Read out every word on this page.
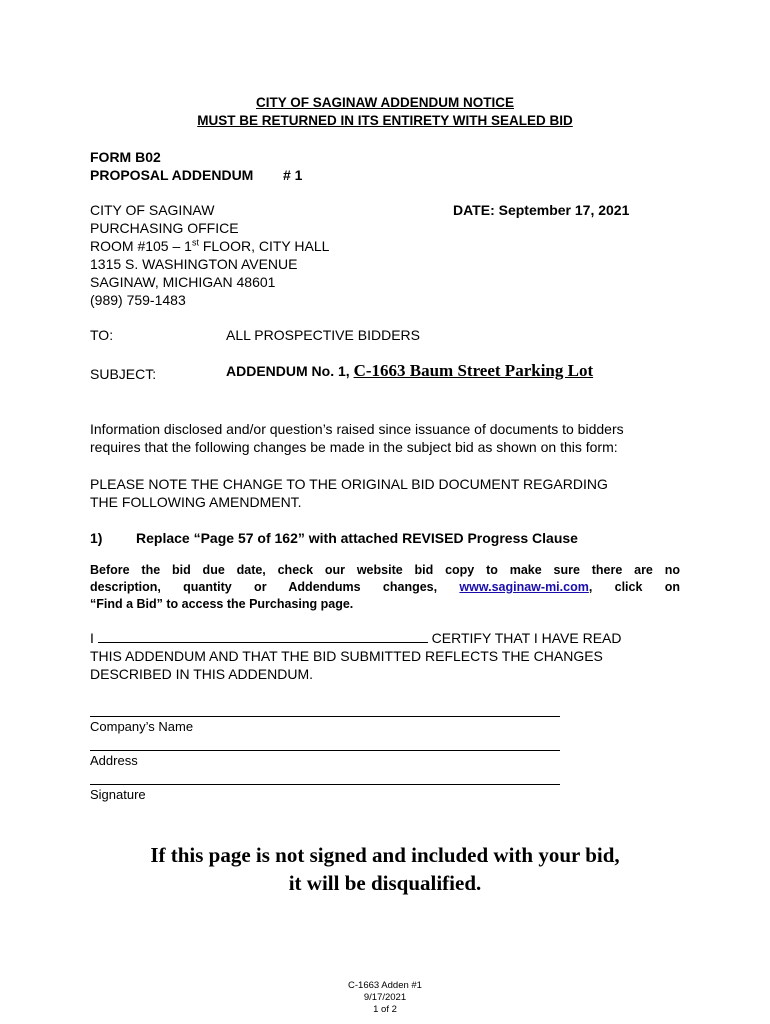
CITY OF SAGINAW ADDENDUM NOTICE
MUST BE RETURNED IN ITS ENTIRETY WITH SEALED BID
FORM B02
PROPOSAL ADDENDUM # 1
CITY OF SAGINAW
PURCHASING OFFICE
ROOM #105 – 1st FLOOR, CITY HALL
1315 S. WASHINGTON AVENUE
SAGINAW, MICHIGAN 48601
(989) 759-1483
DATE: September 17, 2021
TO:	ALL PROSPECTIVE BIDDERS
SUBJECT:	ADDENDUM No. 1, C-1663 Baum Street Parking Lot
Information disclosed and/or question’s raised since issuance of documents to bidders
requires that the following changes be made in the subject bid as shown on this form:
PLEASE NOTE THE CHANGE TO THE ORIGINAL BID DOCUMENT REGARDING
THE FOLLOWING AMENDMENT.
1) Replace “Page 57 of 162” with attached REVISED Progress Clause
Before the bid due date, check our website bid copy to make sure there are no
description, quantity or Addendums changes, www.saginaw-mi.com, click on
“Find a Bid” to access the Purchasing page.
I	CERTIFY THAT I HAVE READ
THIS ADDENDUM AND THAT THE BID SUBMITTED REFLECTS THE CHANGES
DESCRIBED IN THIS ADDENDUM.
Company’s Name
Address
Signature
If this page is not signed and included with your bid,
it will be disqualified.
C-1663 Adden #1
9/17/2021
1 of 2
